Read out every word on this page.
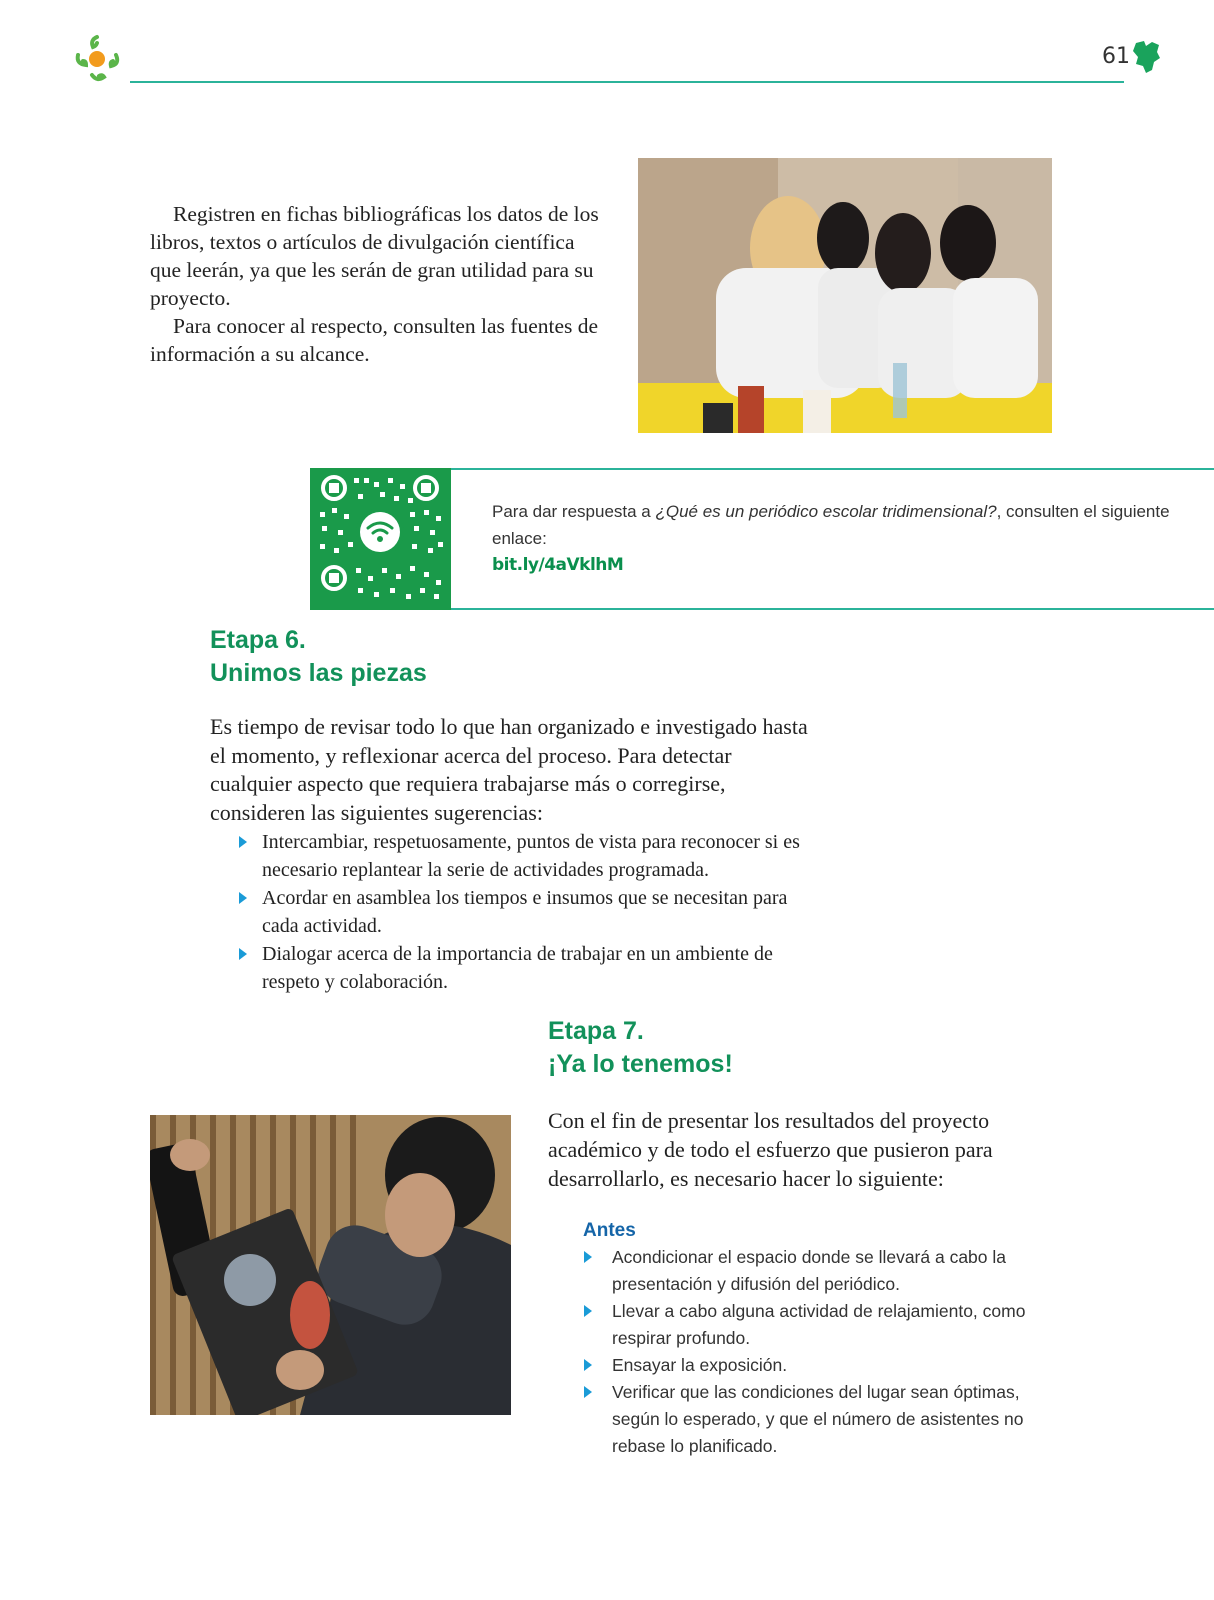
61

Registren en fichas bibliográficas los datos de los libros, textos o artículos de divulgación científica que leerán, ya que les serán de gran utilidad para su proyecto.

Para conocer al respecto, consulten las fuentes de información a su alcance.

Para dar respuesta a ¿Qué es un periódico escolar tridimensional?, consulten el siguiente enlace:
bit.ly/4aVklhM
Etapa 6.
Unimos las piezas

Es tiempo de revisar todo lo que han organizado e investigado hasta el momento, y reflexionar acerca del proceso. Para detectar cualquier aspecto que requiera trabajarse más o corregirse, consideren las siguientes sugerencias:

Intercambiar, respetuosamente, puntos de vista para reconocer si es necesario replantear la serie de actividades programada.
Acordar en asamblea los tiempos e insumos que se necesitan para cada actividad.
Dialogar acerca de la importancia de trabajar en un ambiente de respeto y colaboración.
Etapa 7.
¡Ya lo tenemos!

Con el fin de presentar los resultados del proyecto académico y de todo el esfuerzo que pusieron para desarrollarlo, es necesario hacer lo siguiente:

Antes
Acondicionar el espacio donde se llevará a cabo la presentación y difusión del periódico.
Llevar a cabo alguna actividad de relajamiento, como respirar profundo.
Ensayar la exposición.
Verificar que las condiciones del lugar sean óptimas, según lo esperado, y que el número de asistentes no rebase lo planificado.
